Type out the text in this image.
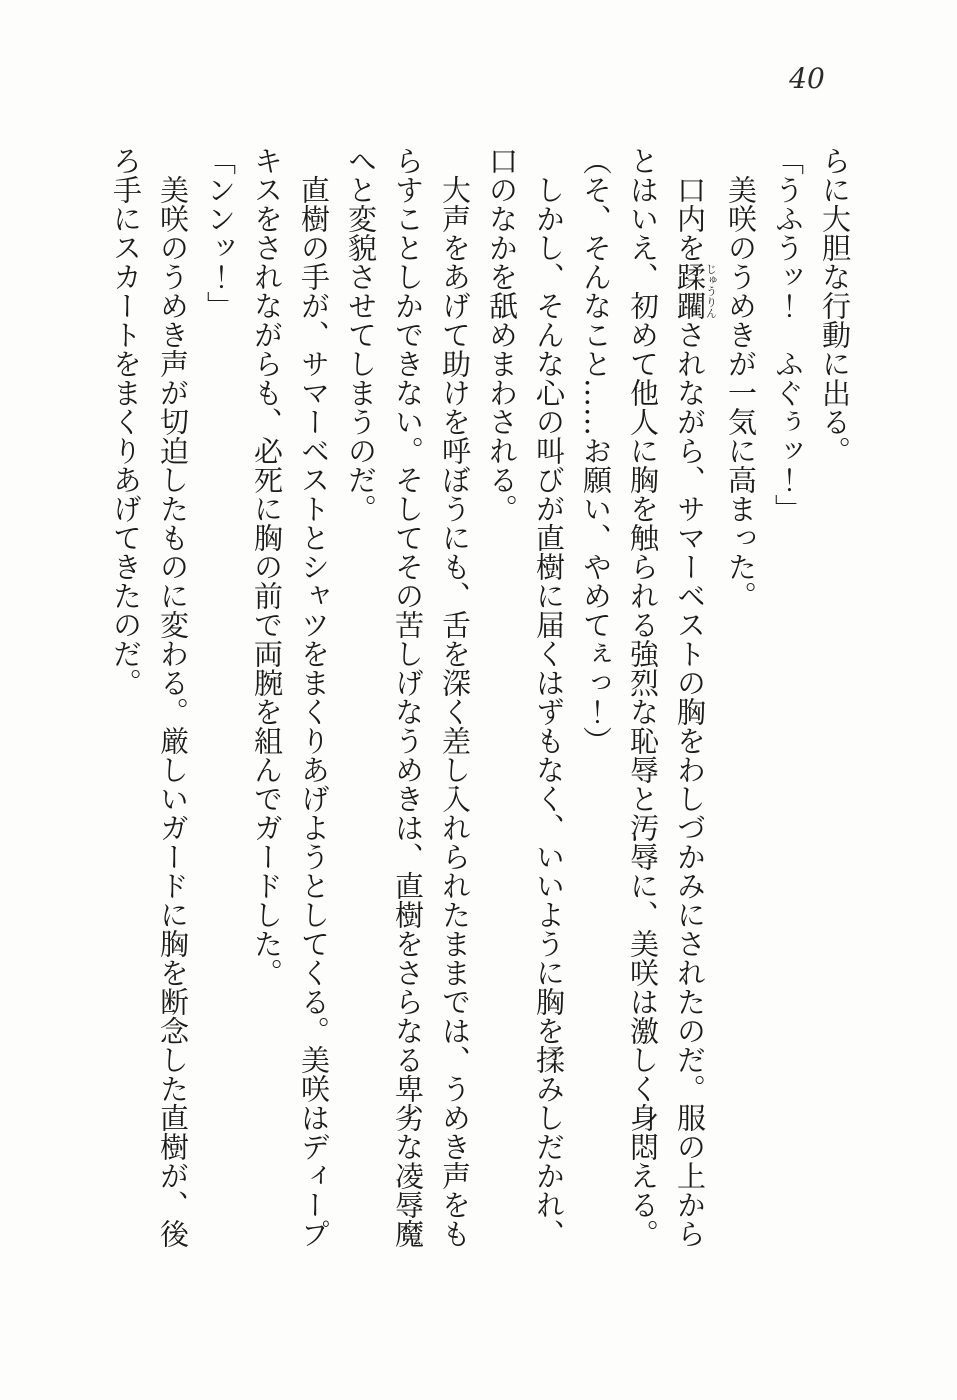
40

らに大胆な行動に出る。

「うふうッ！　ふぐぅッ！」

美咲のうめきが一気に高まった。

口内を蹂躙じゅうりんされながら、サマーベストの胸をわしづかみにされたのだ。服の上からとはいえ、初めて他人に胸を触られる強烈な恥辱と汚辱に、美咲は激しく身悶える。

（そ、そんなこと……お願い、やめてぇっ！）

しかし、そんな心の叫びが直樹に届くはずもなく、いいように胸を揉みしだかれ、口のなかを舐めまわされる。

大声をあげて助けを呼ぼうにも、舌を深く差し入れられたままでは、うめき声をもらすことしかできない。そしてその苦しげなうめきは、直樹をさらなる卑劣な凌辱魔へと変貌させてしまうのだ。

直樹の手が、サマーベストとシャツをまくりあげようとしてくる。美咲はディープキスをされながらも、必死に胸の前で両腕を組んでガードした。

「ンンッ！」

美咲のうめき声が切迫したものに変わる。厳しいガードに胸を断念した直樹が、後ろ手にスカートをまくりあげてきたのだ。
